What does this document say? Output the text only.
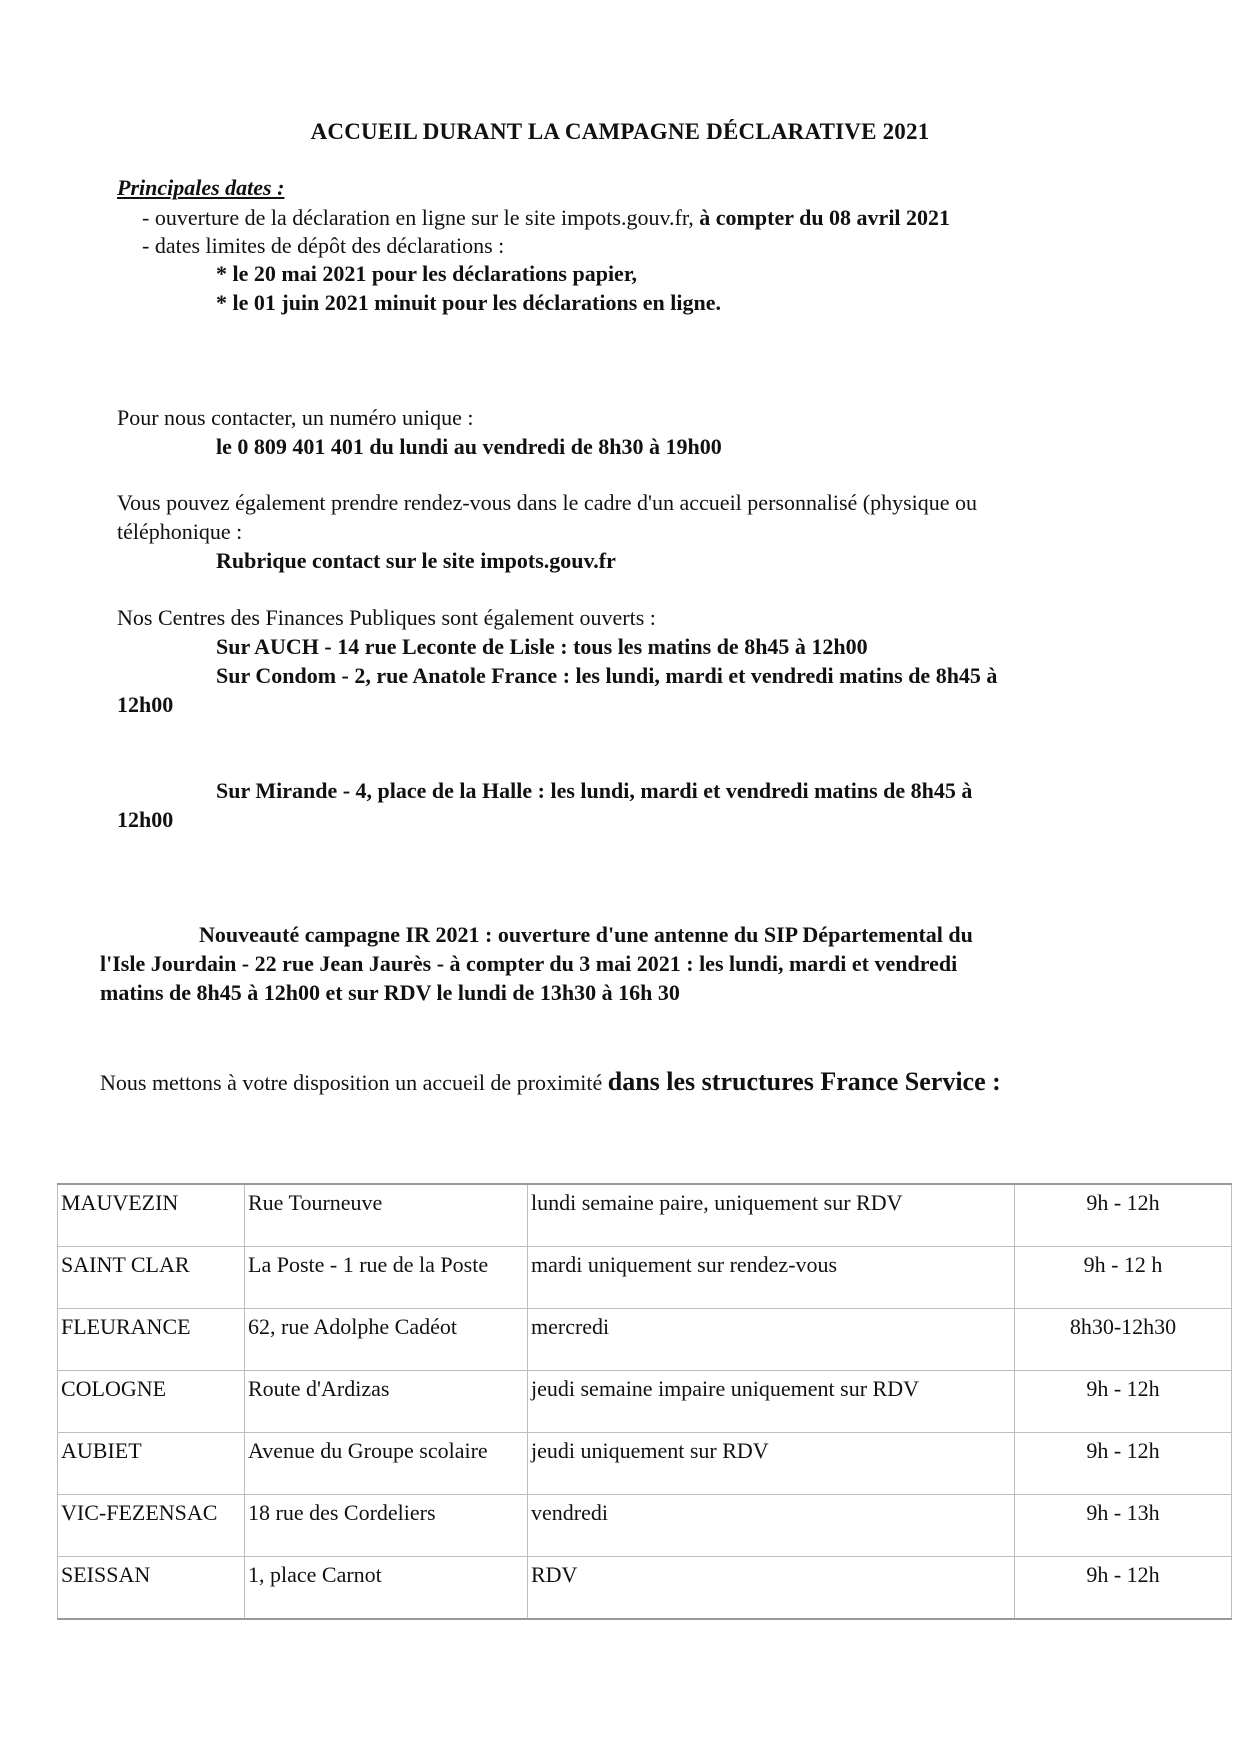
ACCUEIL DURANT LA CAMPAGNE DÉCLARATIVE 2021
Principales dates :
- ouverture de la déclaration en ligne sur le site impots.gouv.fr, à compter du 08 avril 2021
- dates limites de dépôt des déclarations :
* le 20 mai 2021 pour les déclarations papier,
* le 01 juin 2021 minuit pour les déclarations en ligne.
Pour nous contacter, un numéro unique :
le 0 809 401 401 du lundi au vendredi de 8h30 à 19h00
Vous pouvez également prendre rendez-vous dans le cadre d'un accueil personnalisé (physique ou
téléphonique :
Rubrique contact sur le site impots.gouv.fr
Nos Centres des Finances Publiques sont également ouverts :
Sur AUCH - 14 rue Leconte de Lisle : tous les matins de 8h45 à 12h00
Sur Condom - 2, rue Anatole France : les lundi, mardi et vendredi matins de 8h45 à
12h00
Sur Mirande - 4, place de la Halle : les lundi, mardi et vendredi matins de 8h45 à
12h00
Nouveauté campagne IR 2021 : ouverture d'une antenne du SIP Départemental du
l'Isle Jourdain - 22 rue Jean Jaurès - à compter du 3 mai 2021 : les lundi, mardi et vendredi
matins de 8h45 à 12h00 et sur RDV le lundi de 13h30 à 16h 30
Nous mettons à votre disposition un accueil de proximité dans les structures France Service :
MAUVEZIN	Rue Tourneuve	lundi semaine paire, uniquement sur RDV	9h - 12h
SAINT CLAR	La Poste - 1 rue de la Poste	mardi uniquement sur rendez-vous	9h - 12 h
FLEURANCE	62, rue Adolphe Cadéot	mercredi	8h30-12h30
COLOGNE	Route d'Ardizas	jeudi semaine impaire uniquement sur RDV	9h - 12h
AUBIET	Avenue du Groupe scolaire	jeudi uniquement sur RDV	9h - 12h
VIC-FEZENSAC	18 rue des Cordeliers	vendredi	9h - 13h
SEISSAN	1, place Carnot	RDV	9h - 12h
